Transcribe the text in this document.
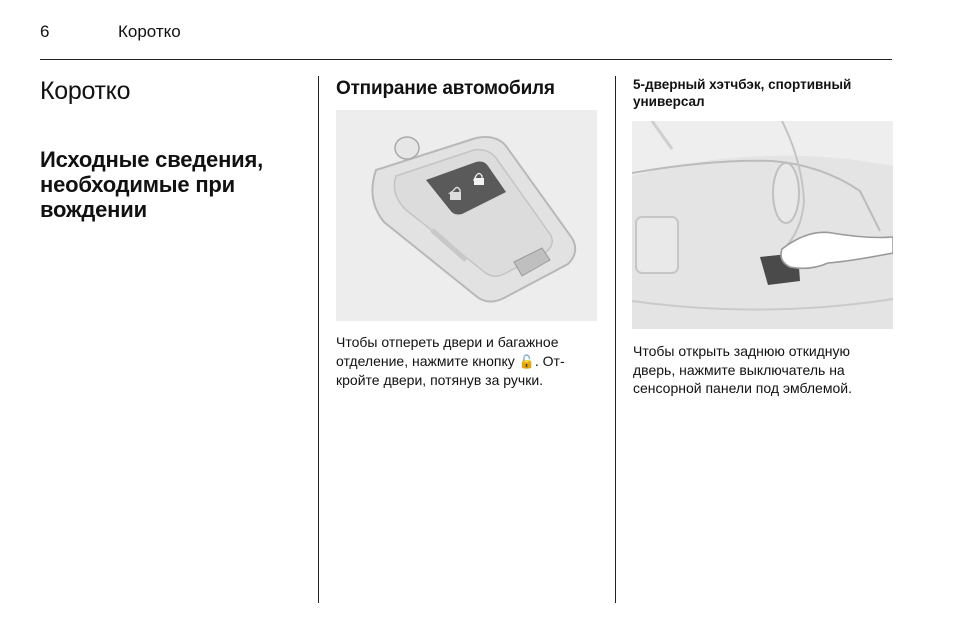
6	Коротко
Коротко
Исходные сведения, необходимые при вождении
Отпирание автомобиля

Чтобы отпереть двери и багажное отделение, нажмите кнопку 🔓. Откройте двери, потянув за ручки.

5-дверный хэтчбэк, спортивный универсал

Чтобы открыть заднюю откидную дверь, нажмите выключатель на сенсорной панели под эмблемой.
